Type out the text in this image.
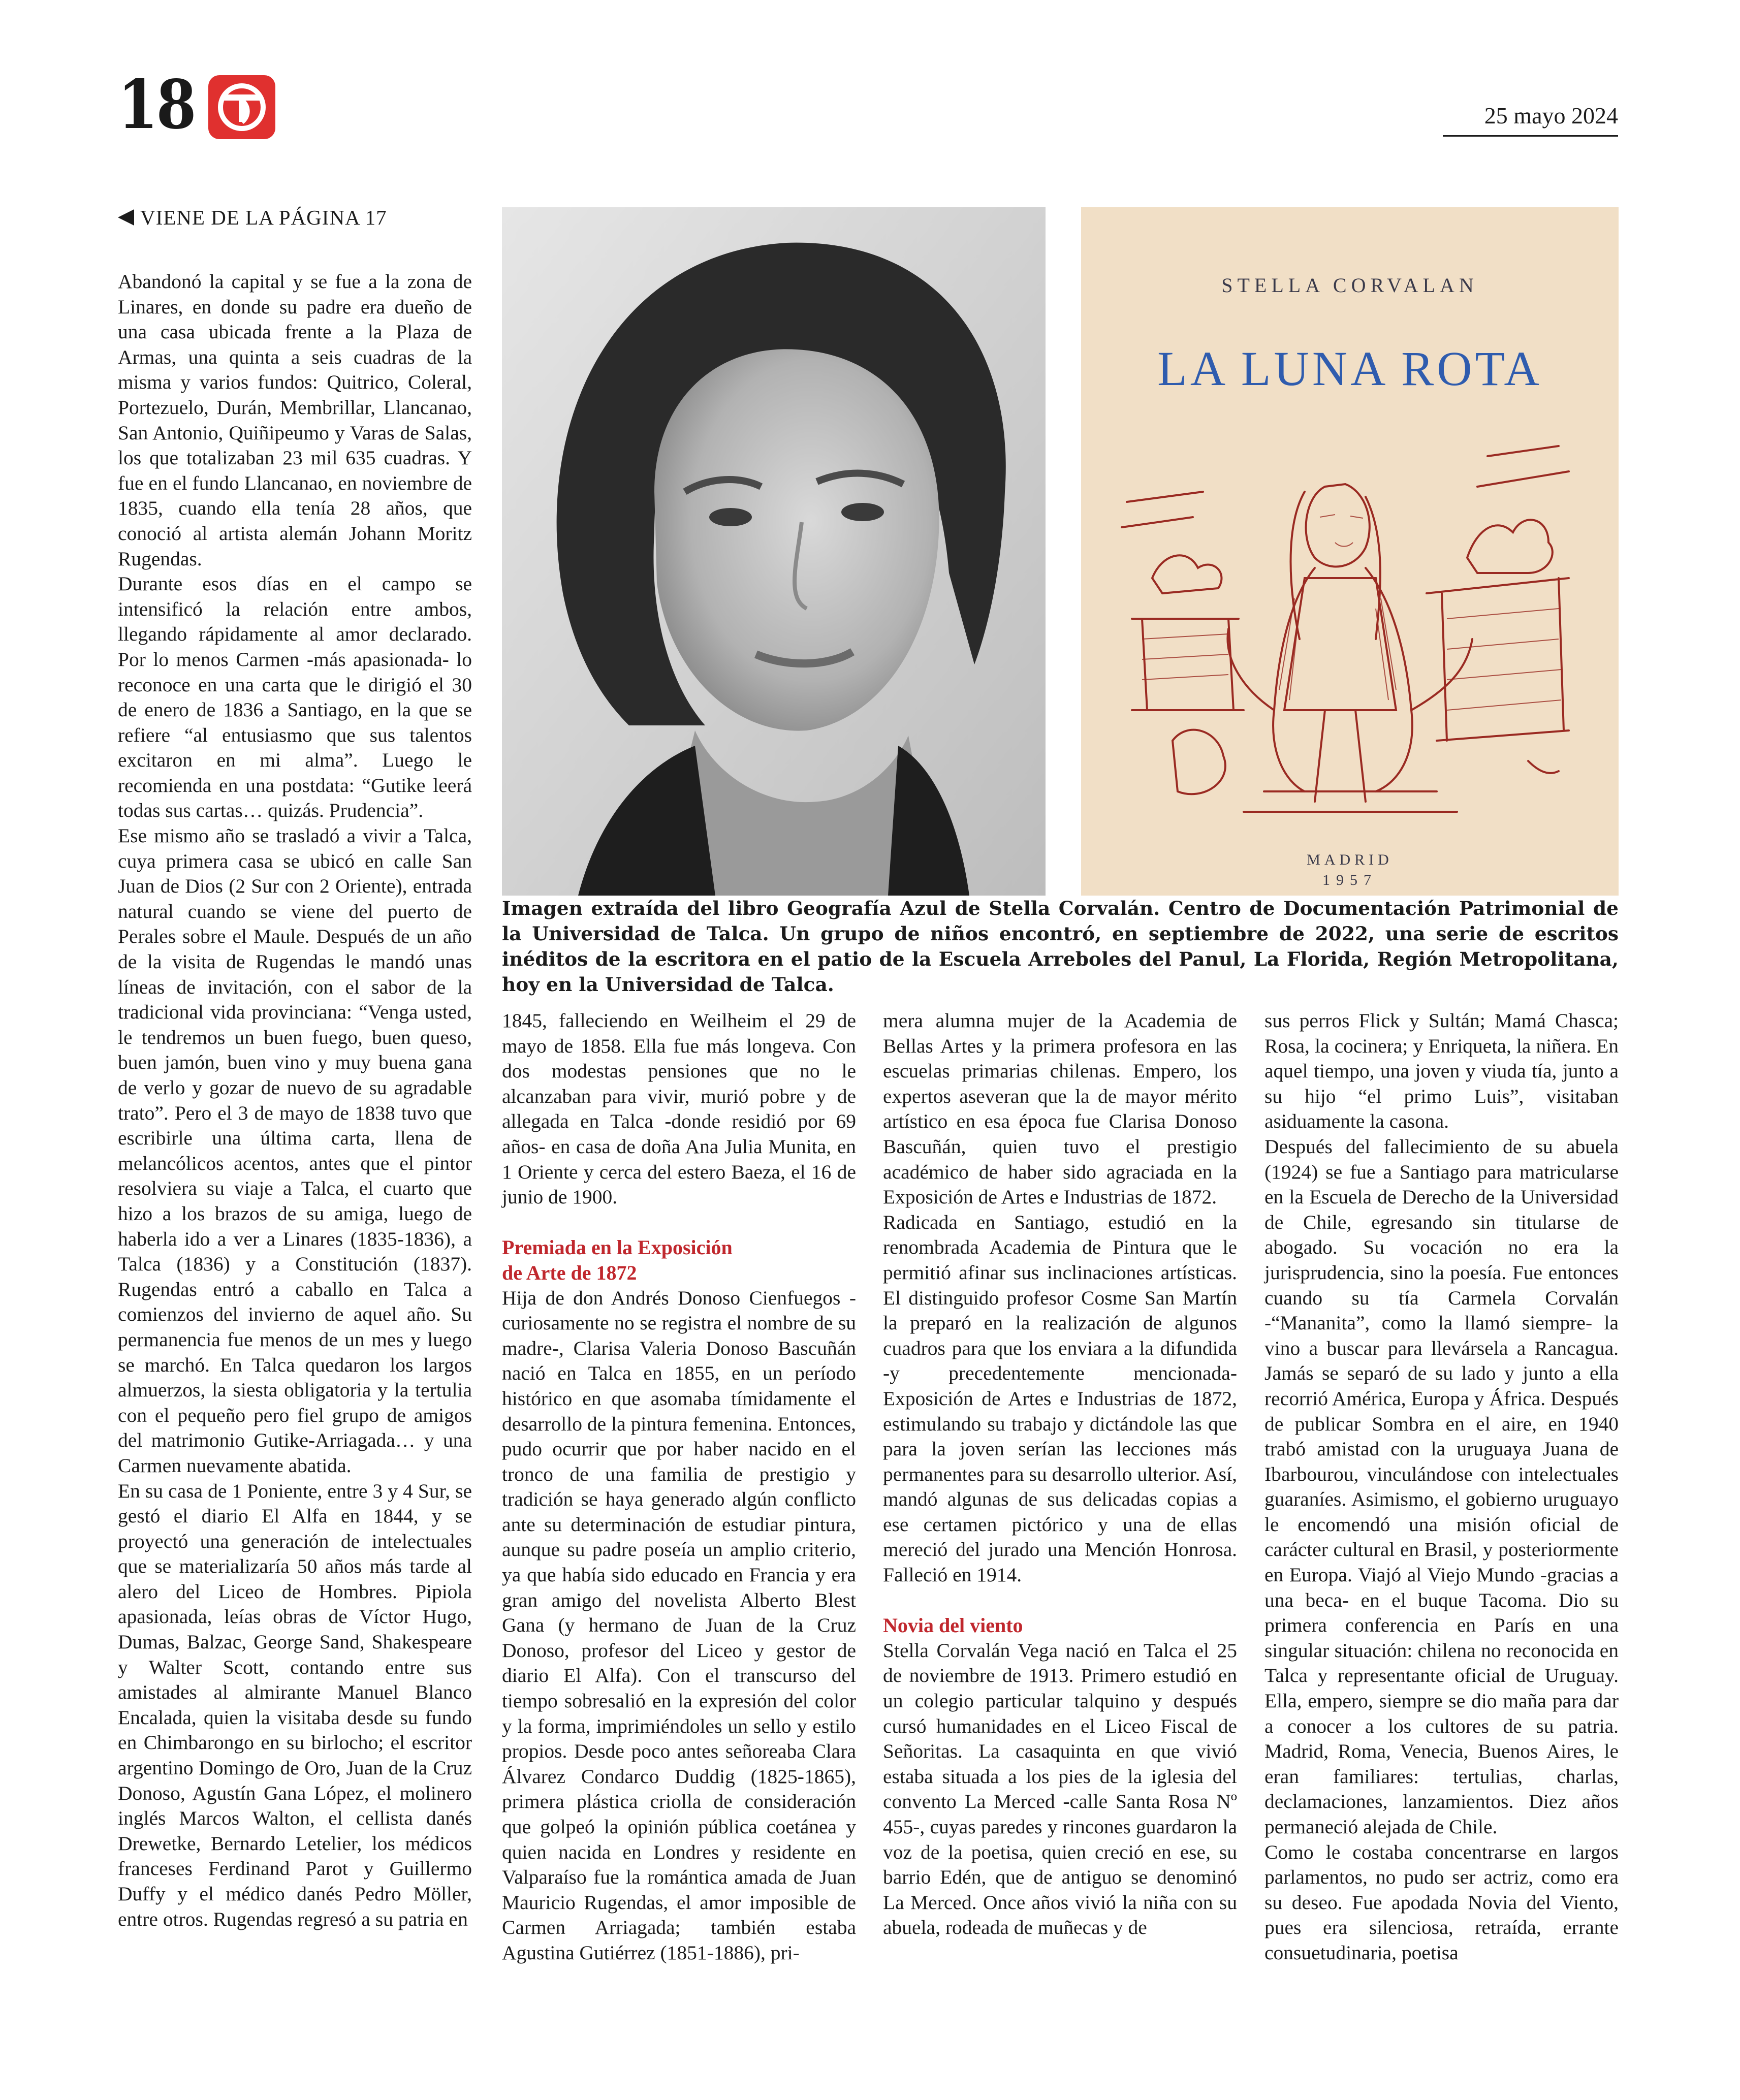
18	25 mayo 2024
VIENE DE LA PÁGINA 17

Abandonó la capital y se fue a la zona de Linares, en donde su padre era dueño de una casa ubicada frente a la Plaza de Armas, una quinta a seis cuadras de la misma y varios fundos: Quitrico, Coleral, Portezuelo, Durán, Membrillar, Llancanao, San Antonio, Quiñipeumo y Varas de Salas, los que totalizaban 23 mil 635 cuadras. Y fue en el fundo Llancanao, en noviembre de 1835, cuando ella tenía 28 años, que conoció al artista alemán Johann Moritz Rugendas.

Durante esos días en el campo se intensificó la relación entre ambos, llegando rápidamente al amor declarado. Por lo menos Carmen -más apasionada- lo reconoce en una carta que le dirigió el 30 de enero de 1836 a Santiago, en la que se refiere “al entusiasmo que sus talentos excitaron en mi alma”. Luego le recomienda en una postdata: “Gutike leerá todas sus cartas… quizás. Prudencia”.

Ese mismo año se trasladó a vivir a Talca, cuya primera casa se ubicó en calle San Juan de Dios (2 Sur con 2 Oriente), entrada natural cuando se viene del puerto de Perales sobre el Maule. Después de un año de la visita de Rugendas le mandó unas líneas de invitación, con el sabor de la tradicional vida provinciana: “Venga usted, le tendremos un buen fuego, buen queso, buen jamón, buen vino y muy buena gana de verlo y gozar de nuevo de su agradable trato”. Pero el 3 de mayo de 1838 tuvo que escribirle una última carta, llena de melancólicos acentos, antes que el pintor resolviera su viaje a Talca, el cuarto que hizo a los brazos de su amiga, luego de haberla ido a ver a Linares (1835-1836), a Talca (1836) y a Constitución (1837). Rugendas entró a caballo en Talca a comienzos del invierno de aquel año. Su permanencia fue menos de un mes y luego se marchó. En Talca quedaron los largos almuerzos, la siesta obligatoria y la tertulia con el pequeño pero fiel grupo de amigos del matrimonio Gutike-Arriagada… y una Carmen nuevamente abatida.

En su casa de 1 Poniente, entre 3 y 4 Sur, se gestó el diario El Alfa en 1844, y se proyectó una generación de intelectuales que se materializaría 50 años más tarde al alero del Liceo de Hombres. Pipiola apasionada, leías obras de Víctor Hugo, Dumas, Balzac, George Sand, Shakespeare y Walter Scott, contando entre sus amistades al almirante Manuel Blanco Encalada, quien la visitaba desde su fundo en Chimbarongo en su birlocho; el escritor argentino Domingo de Oro, Juan de la Cruz Donoso, Agustín Gana López, el molinero inglés Marcos Walton, el cellista danés Drewetke, Bernardo Letelier, los médicos franceses Ferdinand Parot y Guillermo Duffy y el médico danés Pedro Möller, entre otros. Rugendas regresó a su patria en

STELLA CORVALAN
LA LUNA ROTA
MADRID
1957
Imagen extraída del libro Geografía Azul de Stella Corvalán. Centro de Documentación Patrimonial de la Universidad de Talca. Un grupo de niños encontró, en septiembre de 2022, una serie de escritos inéditos de la escritora en el patio de la Escuela Arreboles del Panul, La Florida, Región Metropolitana, hoy en la Universidad de Talca.

1845, falleciendo en Weilheim el 29 de mayo de 1858. Ella fue más longeva. Con dos modestas pensiones que no le alcanzaban para vivir, murió pobre y de allegada en Talca -donde residió por 69 años- en casa de doña Ana Julia Munita, en 1 Oriente y cerca del estero Baeza, el 16 de junio de 1900.

Premiada en la Exposición
de Arte de 1872

Hija de don Andrés Donoso Cienfuegos -curiosamente no se registra el nombre de su madre-, Clarisa Valeria Donoso Bascuñán nació en Talca en 1855, en un período histórico en que asomaba tímidamente el desarrollo de la pintura femenina. Entonces, pudo ocurrir que por haber nacido en el tronco de una familia de prestigio y tradición se haya generado algún conflicto ante su determinación de estudiar pintura, aunque su padre poseía un amplio criterio, ya que había sido educado en Francia y era gran amigo del novelista Alberto Blest Gana (y hermano de Juan de la Cruz Donoso, profesor del Liceo y gestor de diario El Alfa). Con el transcurso del tiempo sobresalió en la expresión del color y la forma, imprimiéndoles un sello y estilo propios. Desde poco antes señoreaba Clara Álvarez Condarco Duddig (1825-1865), primera plástica criolla de consideración que golpeó la opinión pública coetánea y quien nacida en Londres y residente en Valparaíso fue la romántica amada de Juan Mauricio Rugendas, el amor imposible de Carmen Arriagada; también estaba Agustina Gutiérrez (1851-1886), pri-

mera alumna mujer de la Academia de Bellas Artes y la primera profesora en las escuelas primarias chilenas. Empero, los expertos aseveran que la de mayor mérito artístico en esa época fue Clarisa Donoso Bascuñán, quien tuvo el prestigio académico de haber sido agraciada en la Exposición de Artes e Industrias de 1872.

Radicada en Santiago, estudió en la renombrada Academia de Pintura que le permitió afinar sus inclinaciones artísticas. El distinguido profesor Cosme San Martín la preparó en la realización de algunos cuadros para que los enviara a la difundida -y precedentemente mencionada- Exposición de Artes e Industrias de 1872, estimulando su trabajo y dictándole las que para la joven serían las lecciones más permanentes para su desarrollo ulterior. Así, mandó algunas de sus delicadas copias a ese certamen pictórico y una de ellas mereció del jurado una Mención Honrosa. Falleció en 1914.

Novia del viento

Stella Corvalán Vega nació en Talca el 25 de noviembre de 1913. Primero estudió en un colegio particular talquino y después cursó humanidades en el Liceo Fiscal de Señoritas. La casaquinta en que vivió estaba situada a los pies de la iglesia del convento La Merced -calle Santa Rosa Nº 455-, cuyas paredes y rincones guardaron la voz de la poetisa, quien creció en ese, su barrio Edén, que de antiguo se denominó La Merced. Once años vivió la niña con su abuela, rodeada de muñecas y de

sus perros Flick y Sultán; Mamá Chasca; Rosa, la cocinera; y Enriqueta, la niñera. En aquel tiempo, una joven y viuda tía, junto a su hijo “el primo Luis”, visitaban asiduamente la casona.

Después del fallecimiento de su abuela (1924) se fue a Santiago para matricularse en la Escuela de Derecho de la Universidad de Chile, egresando sin titularse de abogado. Su vocación no era la jurisprudencia, sino la poesía. Fue entonces cuando su tía Carmela Corvalán -“Mananita”, como la llamó siempre- la vino a buscar para llevársela a Rancagua. Jamás se separó de su lado y junto a ella recorrió América, Europa y África. Después de publicar Sombra en el aire, en 1940 trabó amistad con la uruguaya Juana de Ibarbourou, vinculándose con intelectuales guaraníes. Asimismo, el gobierno uruguayo le encomendó una misión oficial de carácter cultural en Brasil, y posteriormente en Europa. Viajó al Viejo Mundo -gracias a una beca- en el buque Tacoma. Dio su primera conferencia en París en una singular situación: chilena no reconocida en Talca y representante oficial de Uruguay. Ella, empero, siempre se dio maña para dar a conocer a los cultores de su patria. Madrid, Roma, Venecia, Buenos Aires, le eran familiares: tertulias, charlas, declamaciones, lanzamientos. Diez años permaneció alejada de Chile.

Como le costaba concentrarse en largos parlamentos, no pudo ser actriz, como era su deseo. Fue apodada Novia del Viento, pues era silenciosa, retraída, errante consuetudinaria, poetisa
